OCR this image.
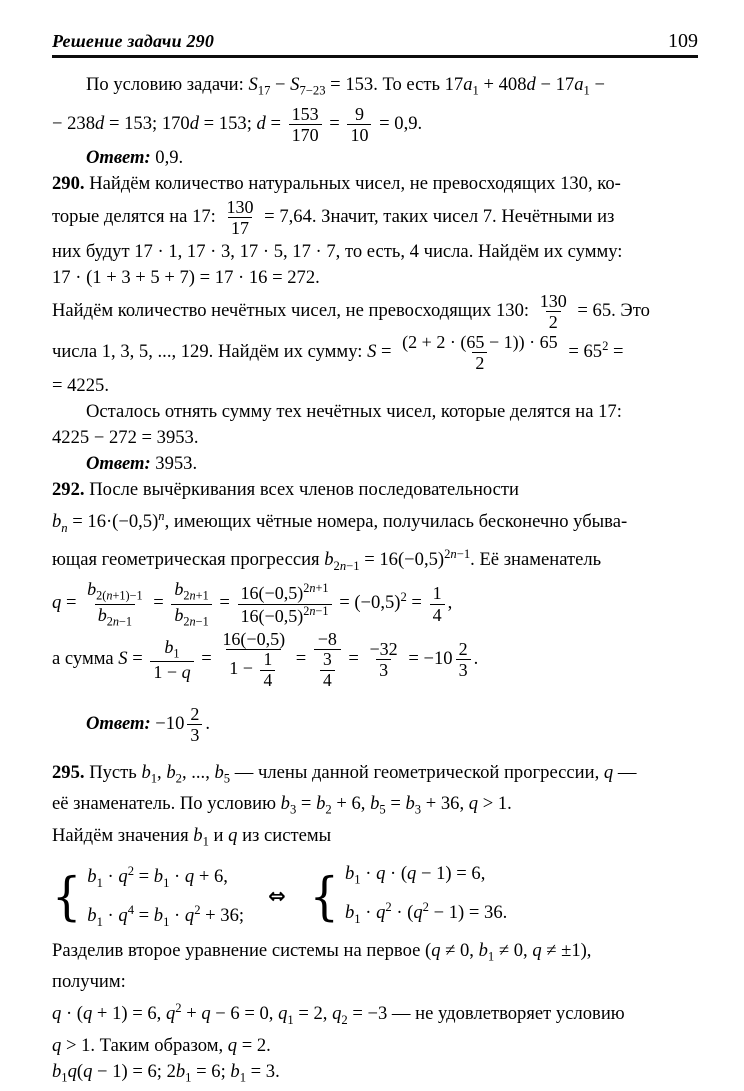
Решение задачи 290	109
По условию задачи: $S_{17} - S_{7-23} = 153$. То есть $17a_1 + 408d - 17a_1$ −
− 238d = 153; 170d = 153; $d = \frac{153}{170} = \frac{9}{10} = 0,9$.
Ответ: 0,9.
290. Найдём количество натуральных чисел, не превосходящих 130, ко-
торые делятся на 17: $\frac{130}{17} = 7,64$. Значит, таких чисел 7. Нечётными из
них будут 17 · 1, 17 · 3, 17 · 5, 17 · 7, то есть, 4 числа. Найдём их сумму:
17 · (1 + 3 + 5 + 7) = 17 · 16 = 272.
Найдём количество нечётных чисел, не превосходящих 130: $\frac{130}{2} = 65$. Это
числа 1, 3, 5, ..., 129. Найдём их сумму: $S = \frac{(2 + 2 \cdot (65 - 1)) \cdot 65}{2} = 65^2$ =
= 4225.
Осталось отнять сумму тех нечётных чисел, которые делятся на 17:
4225 − 272 = 3953.
Ответ: 3953.
292. После вычёркивания всех членов последовательности
$b_n = 16\cdot(-0,5)^n$, имеющих чётные номера, получилась бесконечно убыва-
ющая геометрическая прогрессия $b_{2n-1} = 16(-0,5)^{2n-1}$. Её знаменатель
$q = \frac{b_{2(n+1)-1}}{b_{2n-1}} = \frac{b_{2n+1}}{b_{2n-1}} = \frac{16(-0,5)^{2n+1}}{16(-0,5)^{2n-1}} = (-0,5)^2 = \frac{1}{4}$ ,
а сумма $S = \frac{b_1}{1 - q} = \frac{16(-0,5)}{1 - \frac{1}{4}} = \frac{-8}{\frac{3}{4}} = \frac{-32}{3} = -10 \frac{2}{3}$ .
Ответ: $-10 \frac{2}{3}$ .
295. Пусть $b_1$, $b_2$, ..., $b_5$ — члены данной геометрической прогрессии, q —
её знаменатель. По условию $b_3 = b_2 + 6$, $b_5 = b_3 + 36$, q > 1.
Найдём значения $b_1$ и q из системы
{ $b_1 \cdot q^2 = b_1 \cdot q + 6$,
$b_1 \cdot q^4 = b_1 \cdot q^2 + 36$;
⇔ { $b_1 \cdot q \cdot (q - 1) = 6$,
$b_1 \cdot q^2 \cdot (q^2 - 1) = 36$.
Разделив второе уравнение системы на первое (q ≠ 0, $b_1 \ne 0$, q ≠ ±1),
получим:
q · (q + 1) = 6, $q^2 + q - 6 = 0$, $q_1 = 2$, $q_2 = -3$ — не удовлетворяет условию
q > 1. Таким образом, q = 2.
$b_1q(q - 1) = 6$; $2b_1 = 6$; $b_1 = 3$.
